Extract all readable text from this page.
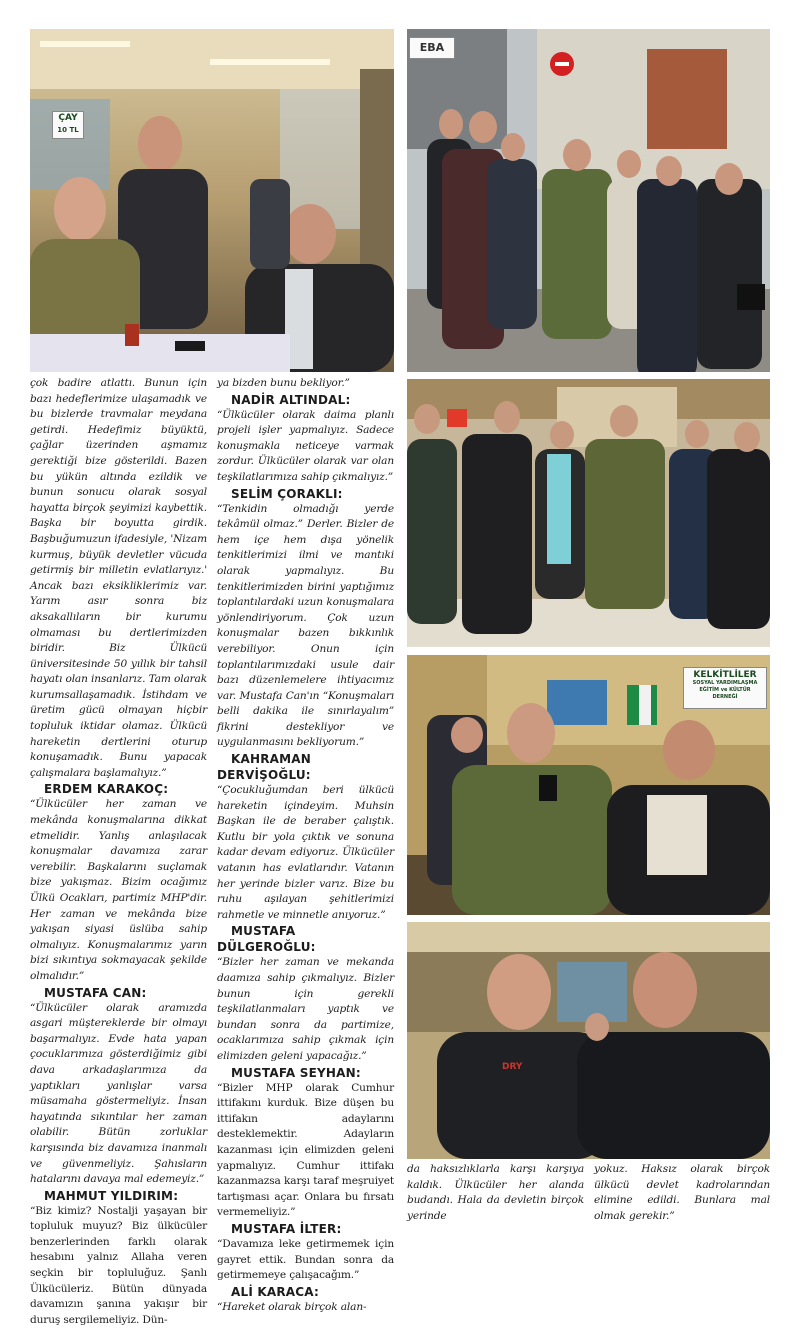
ÇAY
10 TL
EBA
KELKİTLİLER
SOSYAL YARDIMLAŞMA
EĞİTİM ve KÜLTÜR
DERNEĞİ
DRY

çok badire atlattı. Bunun için bazı hedeflerimize ulaşamadık ve bu bizlerde travmalar meydana getirdi. Hedefimiz büyüktü, çağlar üzerinden aşmamız gerektiği bize gösterildi. Bazen bu yükün altında ezildik ve bunun sonucu olarak sosyal hayatta birçok şeyimizi kaybettik. Başka bir boyutta girdik. Başbuğumuzun ifadesiyle, 'Nizam kurmuş, büyük devletler vücuda getirmiş bir milletin evlatlarıyız.' Ancak bazı eksikliklerimiz var. Yarım asır sonra biz aksakallıların bir kurumu olmaması bu dertlerimizden biridir. Biz Ülkücü üniversitesinde 50 yıllık bir tahsil hayatı olan insanlarız. Tam olarak kurumsallaşamadık. İstihdam ve üretim gücü olmayan hiçbir topluluk iktidar olamaz. Ülkücü hareketin dertlerini oturup konuşamadık. Bunu yapacak çalışmalara başlamalıyız.”

ERDEM KARAKOÇ:

“Ülkücüler her zaman ve mekânda konuşmalarına dikkat etmelidir. Yanlış anlaşılacak konuşmalar davamıza zarar verebilir. Başkalarını suçlamak bize yakışmaz. Bizim ocağımız Ülkü Ocakları, partimiz MHP'dir. Her zaman ve mekânda bize yakışan siyasi üslüba sahip olmalıyız. Konuşmalarımız yarın bizi sıkıntıya sokmayacak şekilde olmalıdır.”

MUSTAFA CAN:

“Ülkücüler olarak aramızda asgari müştereklerde bir olmayı başarmalıyız. Evde hata yapan çocuklarımıza gösterdiğimiz gibi dava arkadaşlarımıza da yaptıkları yanlışlar varsa müsamaha göstermeliyiz. İnsan hayatında sıkıntılar her zaman olabilir. Bütün zorluklar karşısında biz davamıza inanmalı ve güvenmeliyiz. Şahısların hatalarını davaya mal edemeyiz.”

MAHMUT YILDIRIM:

“Biz kimiz? Nostalji yaşayan bir topluluk muyuz? Biz ülkücüler benzerlerinden farklı olarak hesabını yalnız Allaha veren seçkin bir topluluğuz. Şanlı Ülkücüleriz. Bütün dünyada davamızın şanına yakışır bir duruş sergilemeliyiz. Dün-

ya bizden bunu bekliyor.”

NADİR ALTINDAL:

“Ülkücüler olarak daima planlı projeli işler yapmalıyız. Sadece konuşmakla neticeye varmak zordur. Ülkücüler olarak var olan teşkilatlarımıza sahip çıkmalıyız.”

SELİM ÇORAKLI:

“Tenkidin olmadığı yerde tekâmül olmaz.” Derler. Bizler de hem içe hem dışa yönelik tenkitlerimizi ilmi ve mantıki olarak yapmalıyız. Bu tenkitlerimizden birini yaptığımız toplantılardaki uzun konuşmalara yönlendiriyorum. Çok uzun konuşmalar bazen bıkkınlık verebiliyor. Onun için toplantılarımızdaki usule dair bazı düzenlemelere ihtiyacımız var. Mustafa Can'ın “Konuşmaları belli dakika ile sınırlayalım” fikrini destekliyor ve uygulanmasını bekliyorum.”

KAHRAMAN DERVİŞOĞLU:

“Çocukluğumdan beri ülkücü hareketin içindeyim. Muhsin Başkan ile de beraber çalıştık. Kutlu bir yola çıktık ve sonuna kadar devam ediyoruz. Ülkücüler vatanın has evlatlarıdır. Vatanın her yerinde bizler varız. Bize bu ruhu aşılayan şehitlerimizi rahmetle ve minnetle anıyoruz.”

MUSTAFA DÜLGEROĞLU:

“Bizler her zaman ve mekanda daamıza sahip çıkmalıyız. Bizler bunun için gerekli teşkilatlanmaları yaptık ve bundan sonra da partimize, ocaklarımıza sahip çıkmak için elimizden geleni yapacağız.”

MUSTAFA SEYHAN:

“Bizler MHP olarak Cumhur ittifakını kurduk. Bize düşen bu ittifakın adaylarını desteklemektir. Adayların kazanması için elimizden geleni yapmalıyız. Cumhur ittifakı kazanmazsa karşı taraf meşruiyet tartışması açar. Onlara bu fırsatı vermemeliyiz.”

MUSTAFA İLTER:

“Davamıza leke getirmemek için gayret ettik. Bundan sonra da getirmemeye çalışacağım.”

ALİ KARACA:

“Hareket olarak birçok alan-

da haksızlıklarla karşı karşıya kaldık. Ülkücüler her alanda budandı. Hala da devletin birçok yerinde
yokuz. Haksız olarak birçok ülkücü devlet kadrolarından elimine edildi. Bunlara mal olmak gerekir.”
